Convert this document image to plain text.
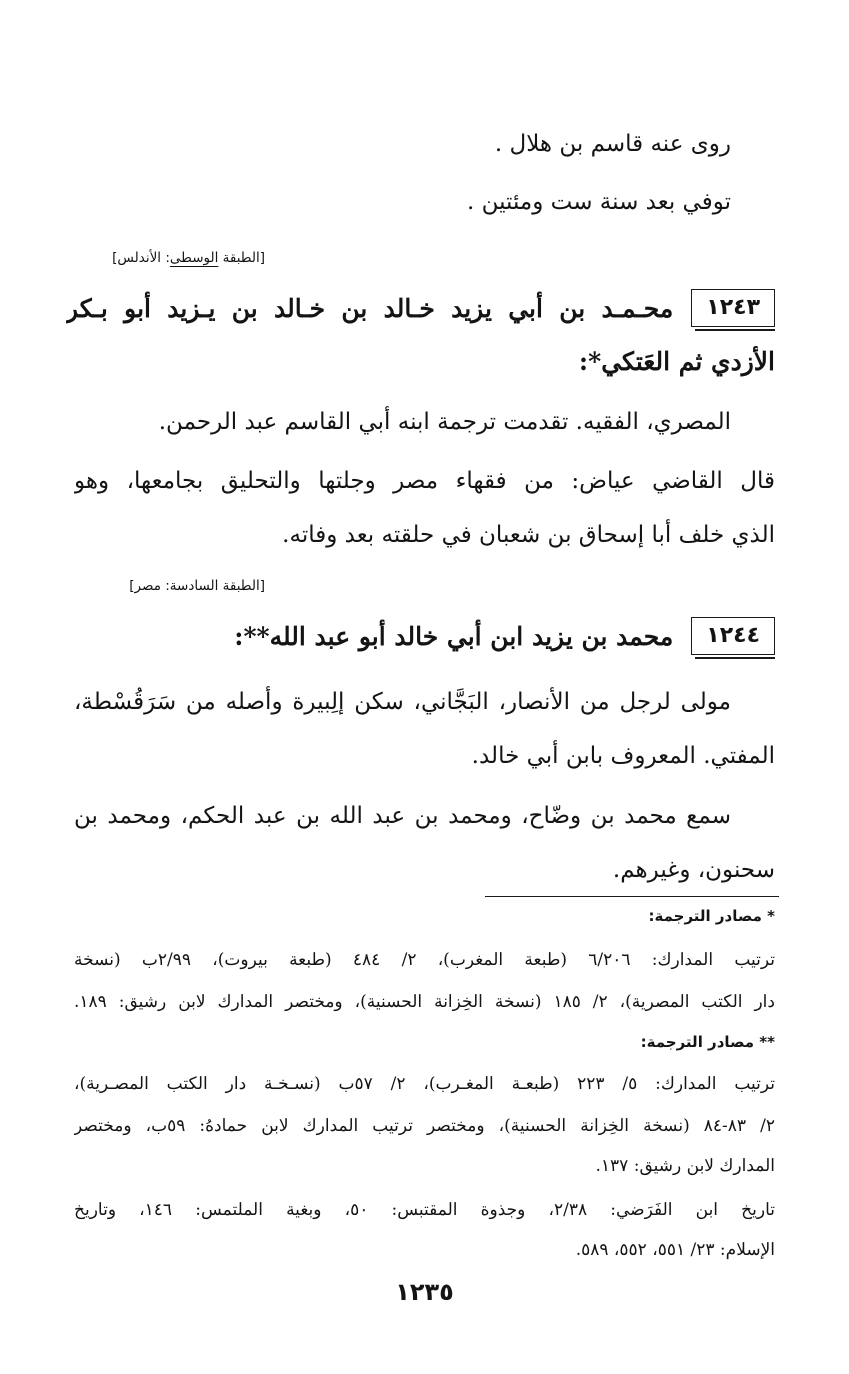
روى عنه قاسم بن هلال .
توفي بعد سنة ست ومئتين .
[الطبقة الوسطى: الأندلس]
١٢٤٣
محـمـد بن أبي يزيد خـالد بن خـالد بن يـزيد أبو بـكر
الأزدي ثم العَتكي*:
المصري، الفقيه. تقدمت ترجمة ابنه أبي القاسم عبد الرحمن.
قال القاضي عياض: من فقهاء مصر وجلتها والتحليق بجامعها، وهو
الذي خلف أبا إسحاق بن شعبان في حلقته بعد وفاته.
[الطبقة السادسة: مصر]
١٢٤٤
محمد بن يزيد ابن أبي خالد أبو عبد الله**:
مولى لرجل من الأنصار، البَجَّاني، سكن إلِبيرة وأصله من سَرَقُسْطة،
المفتي. المعروف بابن أبي خالد.
سمع محمد بن وضّاح، ومحمد بن عبد الله بن عبد الحكم، ومحمد بن
سحنون، وغيرهم.
* مصادر الترجمة:
ترتيب المدارك: ٦/٢٠٦ (طبعة المغرب)، ٢/ ٤٨٤ (طبعة بيروت)، ٢/٩٩ب (نسخة
دار الكتب المصرية)، ٢/ ١٨٥ (نسخة الخِزانة الحسنية)، ومختصر المدارك لابن رشيق: ١٨٩.
** مصادر الترجمة:
ترتيب المدارك: ٥/ ٢٢٣ (طبعـة المغـرب)، ٢/ ٥٧ب (نسـخـة دار الكتب المصـرية)،
٢/ ٨٣-٨٤ (نسخة الخِزانة الحسنية)، ومختصر ترتيب المدارك لابن حمادهُ: ٥٩ب، ومختصر
المدارك لابن رشيق: ١٣٧.
تاريخ ابن الفَرَضي: ٢/٣٨، وجذوة المقتبس: ٥٠، وبغية الملتمس: ١٤٦، وتاريخ
الإسلام: ٢٣/ ٥٥١، ٥٥٢، ٥٨٩.
١٢٣٥
